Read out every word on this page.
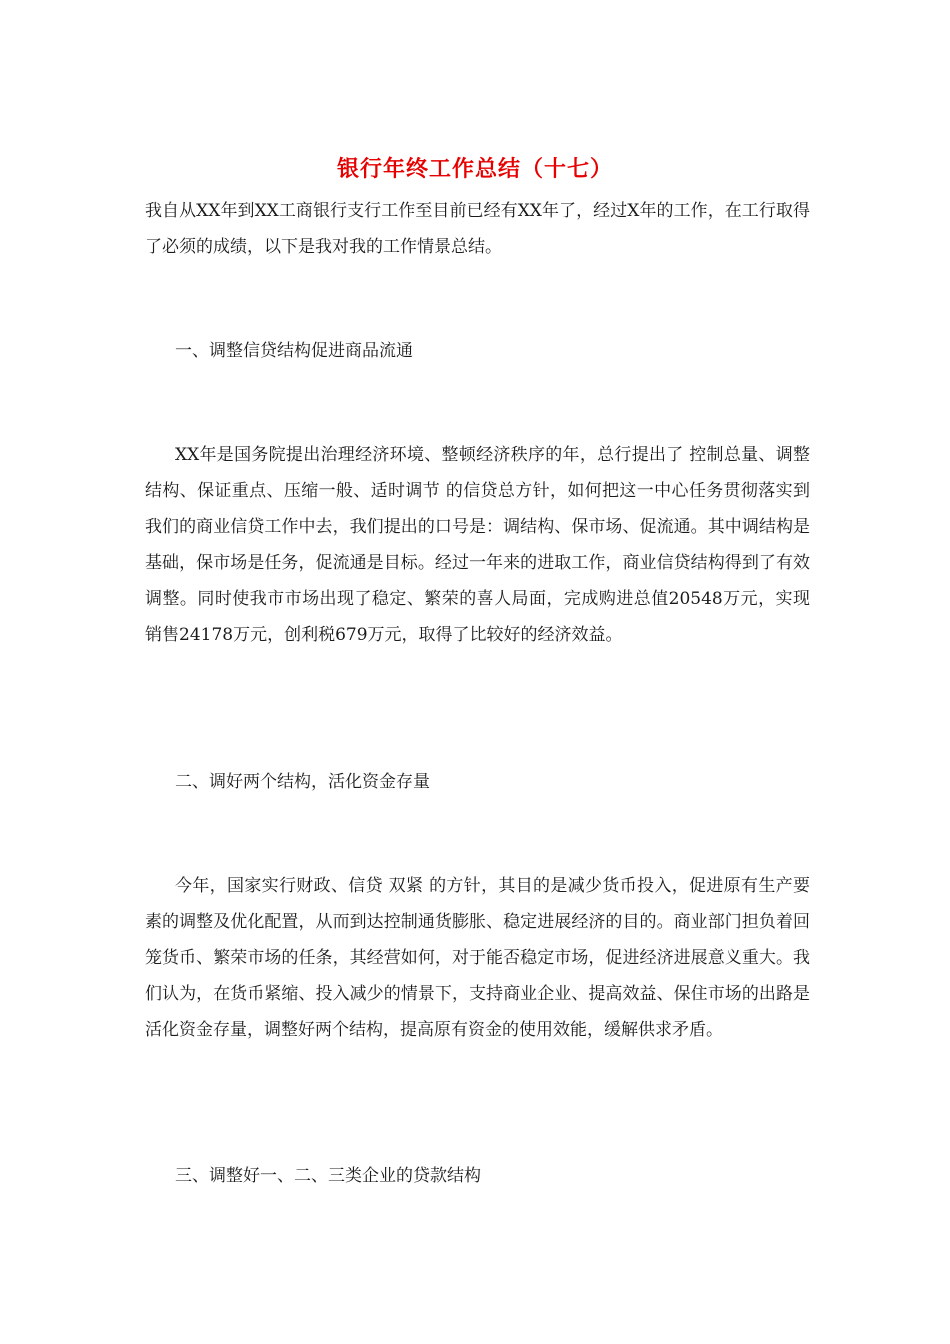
银行年终工作总结（十七）

我自从XX年到XX工商银行支行工作至目前已经有XX年了，经过X年的工作，在工行取得了必须的成绩，以下是我对我的工作情景总结。

一、调整信贷结构促进商品流通

XX年是国务院提出治理经济环境、整顿经济秩序的年，总行提出了 控制总量、调整结构、保证重点、压缩一般、适时调节 的信贷总方针，如何把这一中心任务贯彻落实到我们的商业信贷工作中去，我们提出的口号是：调结构、保市场、促流通。其中调结构是基础，保市场是任务，促流通是目标。经过一年来的进取工作，商业信贷结构得到了有效调整。同时使我市市场出现了稳定、繁荣的喜人局面，完成购进总值20548万元，实现销售24178万元，创利税679万元，取得了比较好的经济效益。

二、调好两个结构，活化资金存量

今年，国家实行财政、信贷 双紧 的方针，其目的是减少货币投入，促进原有生产要素的调整及优化配置，从而到达控制通货膨胀、稳定进展经济的目的。商业部门担负着回笼货币、繁荣市场的任条，其经营如何，对于能否稳定市场，促进经济进展意义重大。我们认为，在货币紧缩、投入减少的情景下，支持商业企业、提高效益、保住市场的出路是活化资金存量，调整好两个结构，提高原有资金的使用效能，缓解供求矛盾。

三、调整好一、二、三类企业的贷款结构
